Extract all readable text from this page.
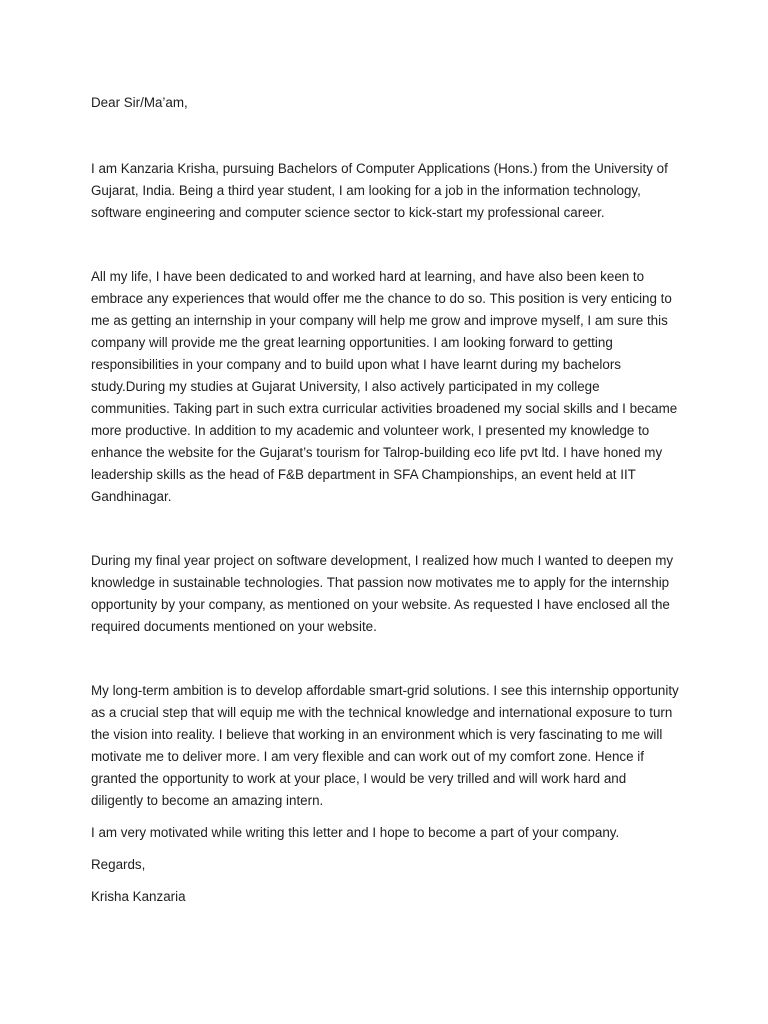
Dear Sir/Ma’am,

I am Kanzaria Krisha, pursuing Bachelors of Computer Applications (Hons.) from the University of Gujarat, India. Being a third year student, I am looking for a job in the information technology, software engineering and computer science sector to kick-start my professional career.

All my life, I have been dedicated to and worked hard at learning, and have also been keen to embrace any experiences that would offer me the chance to do so. This position is very enticing to me as getting an internship in your company will help me grow and improve myself, I am sure this company will provide me the great learning opportunities. I am looking forward to getting responsibilities in your company and to build upon what I have learnt during my bachelors study.During my studies at Gujarat University, I also actively participated in my college communities. Taking part in such extra curricular activities broadened my social skills and I became more productive. In addition to my academic and volunteer work, I presented my knowledge to enhance the website for the Gujarat’s tourism for Talrop-building eco life pvt ltd. I have honed my leadership skills as the head of F&B department in SFA Championships, an event held at IIT Gandhinagar.

During my final year project on software development, I realized how much I wanted to deepen my knowledge in sustainable technologies. That passion now motivates me to apply for the internship opportunity by your company, as mentioned on your website. As requested I have enclosed all the required documents mentioned on your website.

My long-term ambition is to develop affordable smart-grid solutions. I see this internship opportunity as a crucial step that will equip me with the technical knowledge and international exposure to turn the vision into reality. I believe that working in an environment which is very fascinating to me will motivate me to deliver more. I am very flexible and can work out of my comfort zone. Hence if granted the opportunity to work at your place, I would be very trilled and will work hard and diligently to become an amazing intern.

I am very motivated while writing this letter and I hope to become a part of your company.

Regards,

Krisha Kanzaria
